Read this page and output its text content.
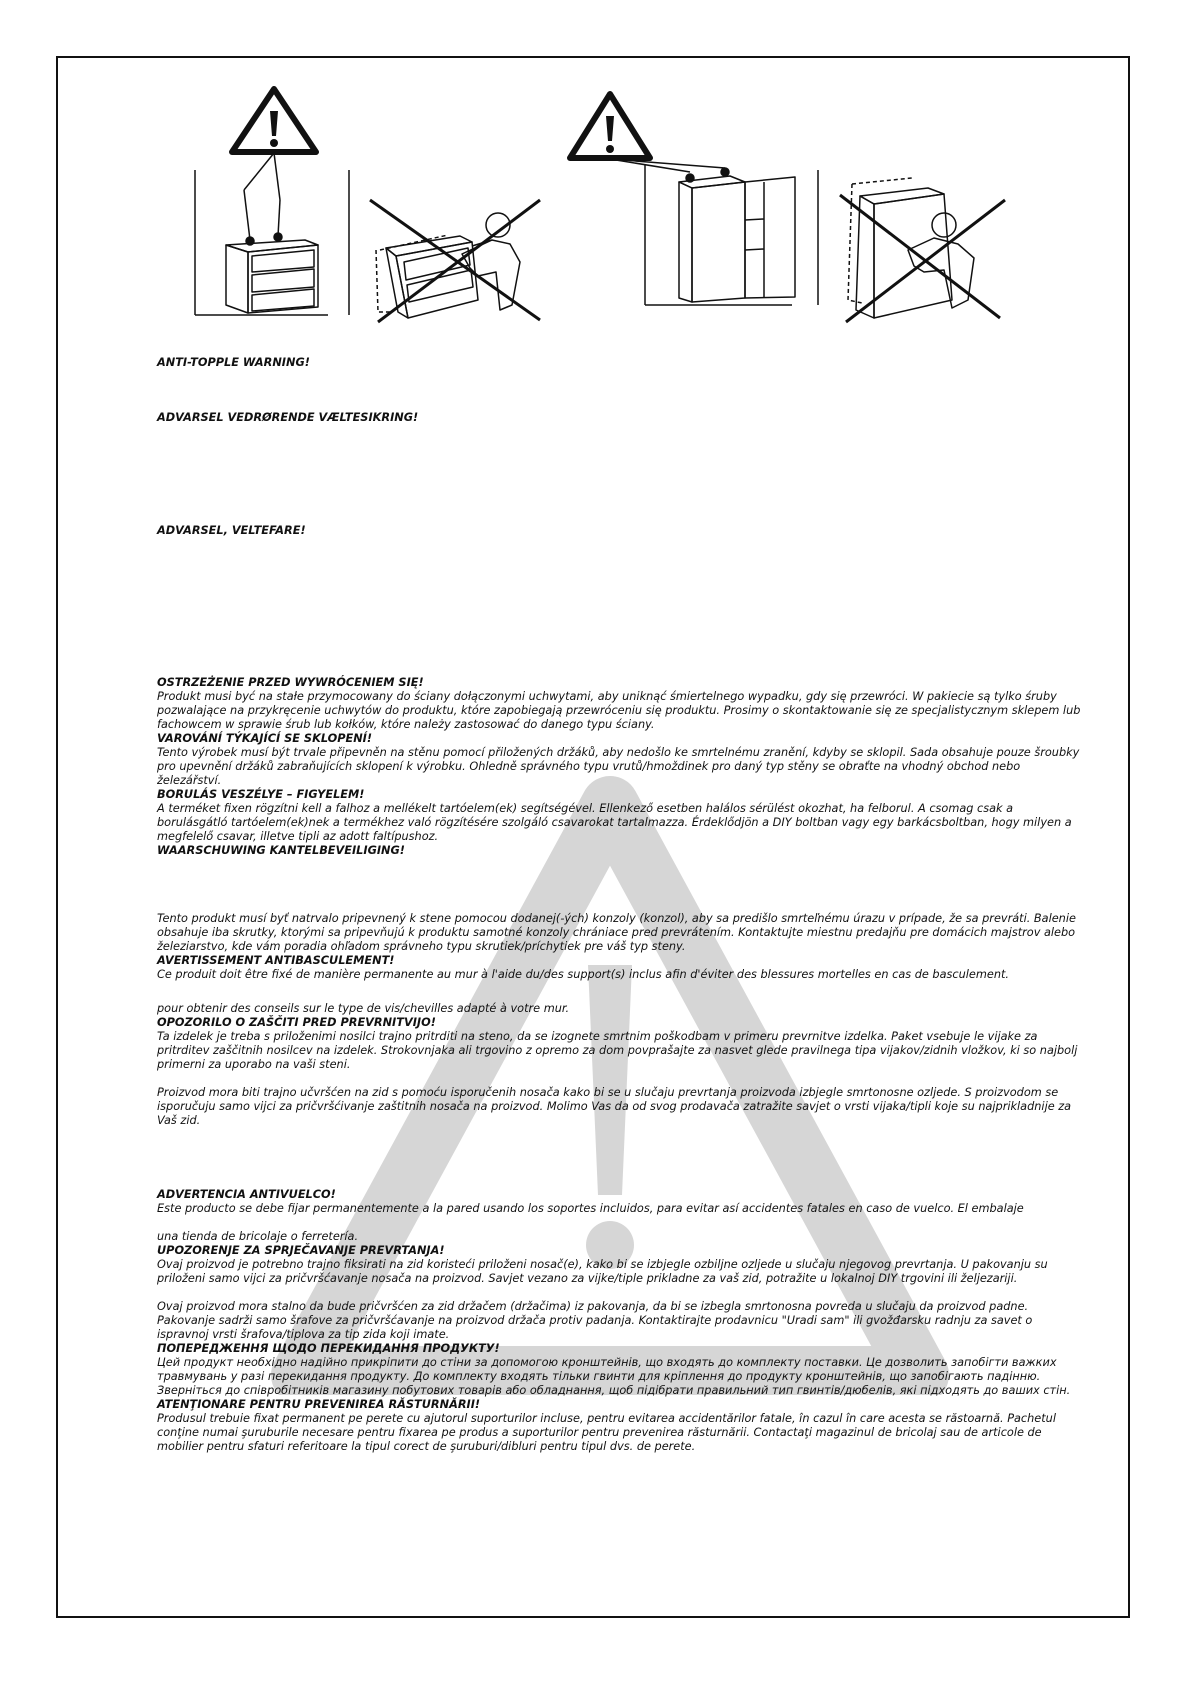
ANTI-TOPPLE WARNING!

ADVARSEL VEDRØRENDE VÆLTESIKRING!

ADVARSEL, VELTEFARE!

OSTRZEŻENIE PRZED WYWRÓCENIEM SIĘ!
Produkt musi być na stałe przymocowany do ściany dołączonymi uchwytami, aby uniknąć śmiertelnego wypadku, gdy się przewróci. W pakiecie są tylko śruby pozwalające na przykręcenie uchwytów do produktu, które zapobiegają przewróceniu się produktu. Prosimy o skontaktowanie się ze specjalistycznym sklepem lub fachowcem w sprawie śrub lub kołków, które należy zastosować do danego typu ściany.
VAROVÁNÍ TÝKAJÍCÍ SE SKLOPENÍ!
Tento výrobek musí být trvale připevněn na stěnu pomocí přiložených držáků, aby nedošlo ke smrtelnému zranění, kdyby se sklopil. Sada obsahuje pouze šroubky pro upevnění držáků zabraňujících sklopení k výrobku. Ohledně správného typu vrutů/hmoždinek pro daný typ stěny se obraťte na vhodný obchod nebo železářství.
BORULÁS VESZÉLYE – FIGYELEM!
A terméket fixen rögzítni kell a falhoz a mellékelt tartóelem(ek) segítségével. Ellenkező esetben halálos sérülést okozhat, ha felborul. A csomag csak a borulásgátló tartóelem(ek)nek a termékhez való rögzítésére szolgáló csavarokat tartalmazza. Érdeklődjön a DIY boltban vagy egy barkácsboltban, hogy milyen a megfelelő csavar, illetve tipli az adott faltípushoz.
WAARSCHUWING KANTELBEVEILIGING!
Tento produkt musí byť natrvalo pripevnený k stene pomocou dodanej(-ých) konzoly (konzol), aby sa predišlo smrteľnému úrazu v prípade, že sa prevráti. Balenie obsahuje iba skrutky, ktorými sa pripevňujú k produktu samotné konzoly chrániace pred prevrátením. Kontaktujte miestnu predajňu pre domácich majstrov alebo železiarstvo, kde vám poradia ohľadom správneho typu skrutiek/príchytiek pre váš typ steny.
AVERTISSEMENT ANTIBASCULEMENT!
Ce produit doit être fixé de manière permanente au mur à l'aide du/des support(s) inclus afin d'éviter des blessures mortelles en cas de basculement.
pour obtenir des conseils sur le type de vis/chevilles adapté à votre mur.
OPOZORILO O ZAŠČITI PRED PREVRNITVIJO!
Ta izdelek je treba s priloženimi nosilci trajno pritrditi na steno, da se izognete smrtnim poškodbam v primeru prevrnitve izdelka. Paket vsebuje le vijake za pritrditev zaščitnih nosilcev na izdelek. Strokovnjaka ali trgovino z opremo za dom povprašajte za nasvet glede pravilnega tipa vijakov/zidnih vložkov, ki so najbolj primerni za uporabo na vaši steni.
Proizvod mora biti trajno učvršćen na zid s pomoću isporučenih nosača kako bi se u slučaju prevrtanja proizvoda izbjegle smrtonosne ozljede. S proizvodom se isporučuju samo vijci za pričvršćivanje zaštitnih nosača na proizvod. Molimo Vas da od svog prodavača zatražite savjet o vrsti vijaka/tipli koje su najprikladnije za Vaš zid.
ADVERTENCIA ANTIVUELCO!
Este producto se debe fijar permanentemente a la pared usando los soportes incluidos, para evitar así accidentes fatales en caso de vuelco. El embalaje
una tienda de bricolaje o ferretería.
UPOZORENJE ZA SPRJEČAVANJE PREVRTANJA!
Ovaj proizvod je potrebno trajno fiksirati na zid koristeći priloženi nosač(e), kako bi se izbjegle ozbiljne ozljede u slučaju njegovog prevrtanja. U pakovanju su priloženi samo vijci za pričvršćavanje nosača na proizvod. Savjet vezano za vijke/tiple prikladne za vaš zid, potražite u lokalnoj DIY trgovini ili željezariji.
Ovaj proizvod mora stalno da bude pričvršćen za zid držačem (držačima) iz pakovanja, da bi se izbegla smrtonosna povreda u slučaju da proizvod padne. Pakovanje sadrži samo šrafove za pričvršćavanje na proizvod držača protiv padanja. Kontaktirajte prodavnicu "Uradi sam" ili gvožđarsku radnju za savet o ispravnoj vrsti šrafova/tiplova za tip zida koji imate.
ПОПЕРЕДЖЕННЯ ЩОДО ПЕРЕКИДАННЯ ПРОДУКТУ!
Цей продукт необхідно надійно прикріпити до стіни за допомогою кронштейнів, що входять до комплекту поставки. Це дозволить запобігти важких травмувань у разі перекидання продукту. До комплекту входять тільки гвинти для кріплення до продукту кронштейнів, що запобігають падінню. Зверніться до співробітників магазину побутових товарів або обладнання, щоб підібрати правильний тип гвинтів/дюбелів, які підходять до ваших стін.
ATENŢIONARE PENTRU PREVENIREA RĂSTURNĂRII!
Produsul trebuie fixat permanent pe perete cu ajutorul suporturilor incluse, pentru evitarea accidentărilor fatale, în cazul în care acesta se răstoarnă. Pachetul conţine numai şuruburile necesare pentru fixarea pe produs a suporturilor pentru prevenirea răsturnării. Contactaţi magazinul de bricolaj sau de articole de mobilier pentru sfaturi referitoare la tipul corect de şuruburi/dibluri pentru tipul dvs. de perete.
